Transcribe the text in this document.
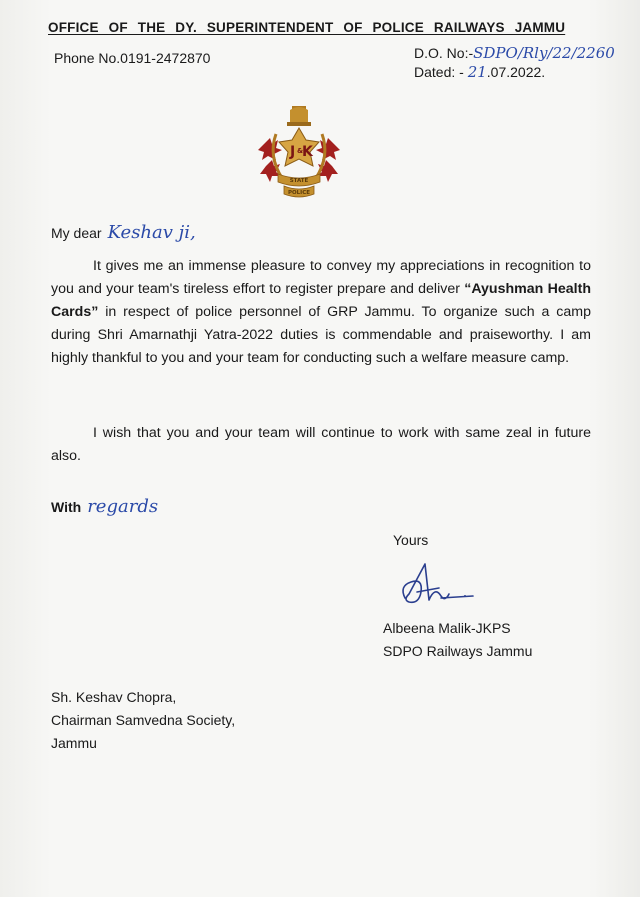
OFFICE OF THE DY. SUPERINTENDENT OF POLICE RAILWAYS JAMMU
Phone No.0191-2472870	D.O. No:-SDPO/Rly/22/2260
Dated: - 21.07.2022.
J &
K
STATE
POLICE
My dear Keshav ji,

It gives me an immense pleasure to convey my appreciations in recognition to you and your team's tireless effort to register prepare and deliver “Ayushman Health Cards” in respect of police personnel of GRP Jammu. To organize such a camp during Shri Amarnathji Yatra-2022 duties is commendable and praiseworthy. I am highly thankful to you and your team for conducting such a welfare measure camp.

I wish that you and your team will continue to work with same zeal in future also.

With regards
Yours
Albeena Malik-JKPS
SDPO Railways Jammu
Sh. Keshav Chopra,
Chairman Samvedna Society,
Jammu
